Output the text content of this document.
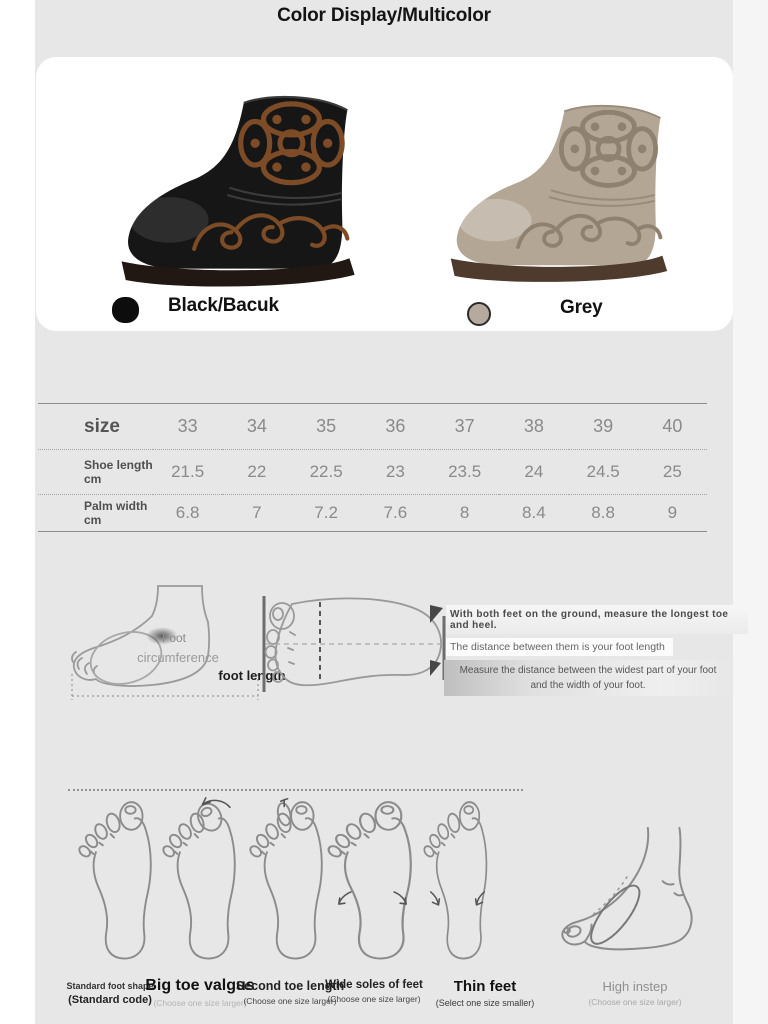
Color Display/Multicolor
Black/Bacuk	Grey
size	33	34	35	36	37	38	39	40
Shoe length cm	21.5	22	22.5	23	23.5	24	24.5	25
Palm width cm	6.8	7	7.2	7.6	8	8.4	8.8	9
Foot
circumference
foot length
With both feet on the ground, measure the longest toe and heel.
The distance between them is your foot length
Measure the distance between the widest part of your foot and the width of your foot.
Standard foot shape
(Standard code)
Big toe valgus
(Choose one size larger)
Second toe length
(Choose one size larger)
Wide soles of feet
(Choose one size larger)
Thin feet
(Select one size smaller)
High instep
(Choose one size larger)
